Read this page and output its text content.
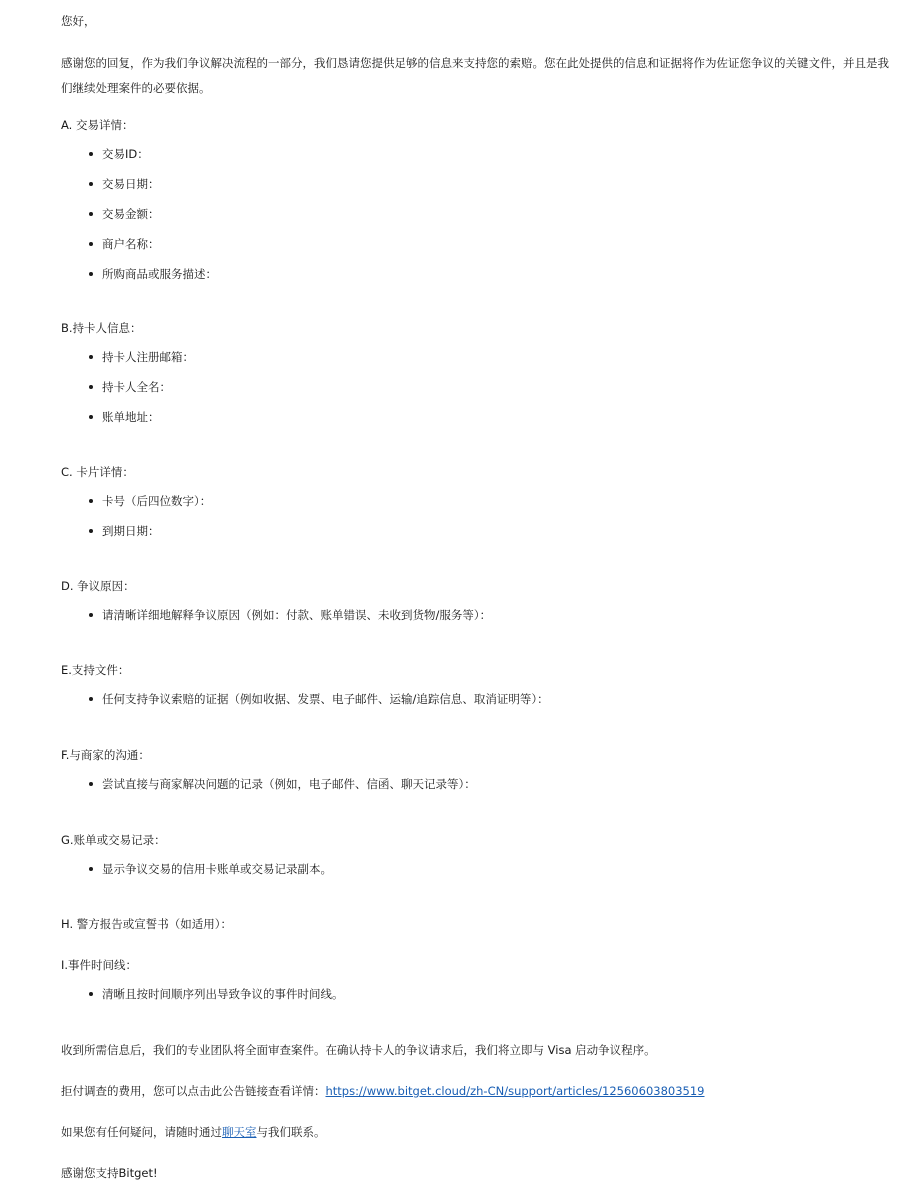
您好，
感谢您的回复，作为我们争议解决流程的一部分，我们恳请您提供足够的信息来支持您的索赔。您在此处提供的信息和证据将作为佐证您争议的关键文件，并且是我们继续处理案件的必要依据。
A. 交易详情：
交易ID：
交易日期：
交易金额：
商户名称：
所购商品或服务描述：
B.持卡人信息：
持卡人注册邮箱：
持卡人全名：
账单地址：
C. 卡片详情：
卡号（后四位数字）：
到期日期：
D. 争议原因：
请清晰详细地解释争议原因（例如：付款、账单错误、未收到货物/服务等）：
E.支持文件：
任何支持争议索赔的证据（例如收据、发票、电子邮件、运输/追踪信息、取消证明等）：
F.与商家的沟通：
尝试直接与商家解决问题的记录（例如，电子邮件、信函、聊天记录等）：
G.账单或交易记录：
显示争议交易的信用卡账单或交易记录副本。
H. 警方报告或宣誓书（如适用）：
I.事件时间线：
清晰且按时间顺序列出导致争议的事件时间线。
收到所需信息后，我们的专业团队将全面审查案件。在确认持卡人的争议请求后，我们将立即与 Visa 启动争议程序。
拒付调查的费用，您可以点击此公告链接查看详情：https://www.bitget.cloud/zh-CN/support/articles/12560603803519
如果您有任何疑问，请随时通过聊天室与我们联系。
感谢您支持Bitget!
